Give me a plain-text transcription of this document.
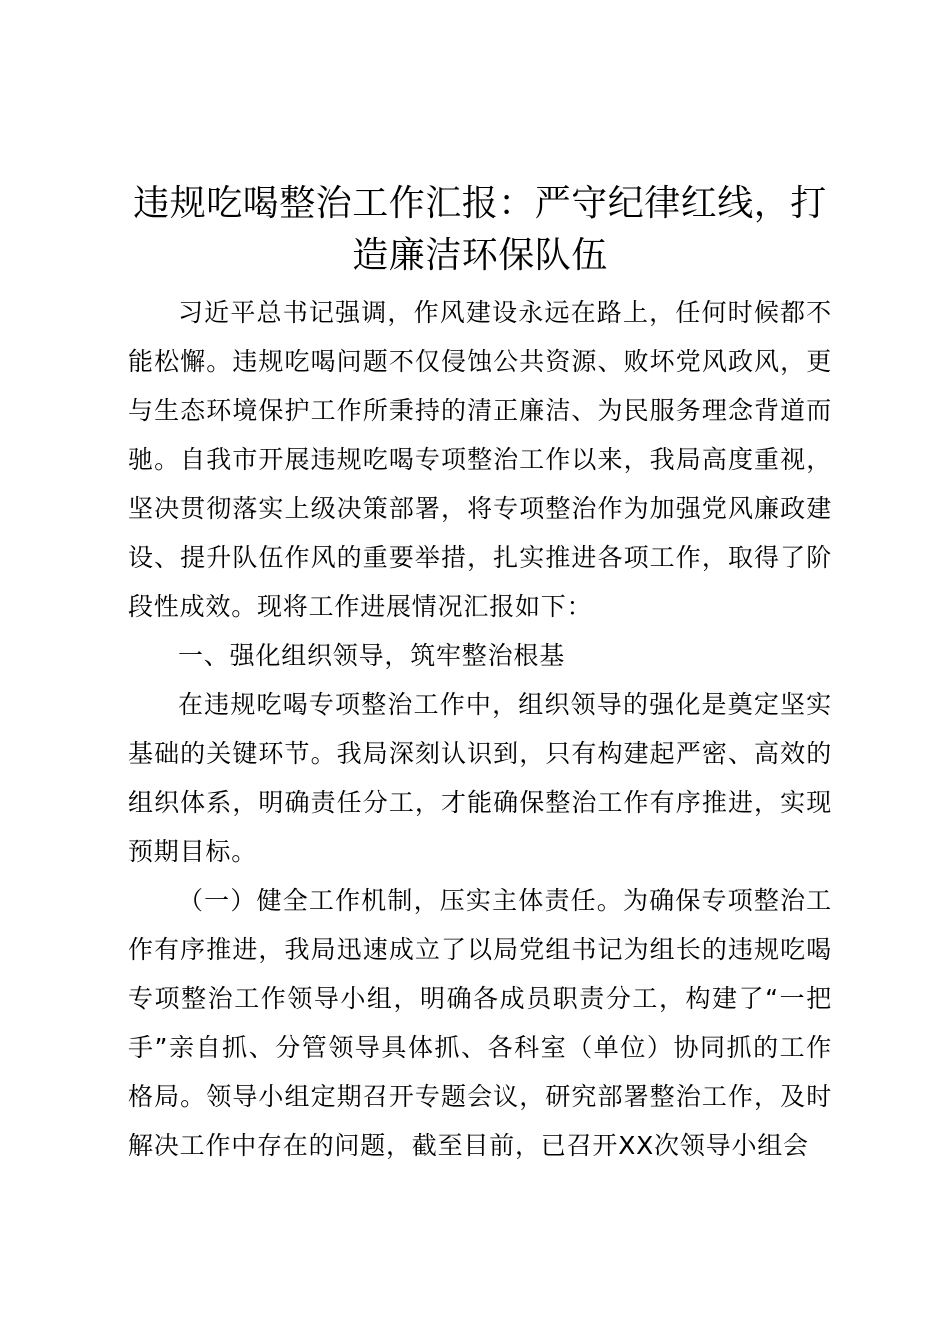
违规吃喝整治工作汇报：严守纪律红线，打造廉洁环保队伍

习近平总书记强调，作风建设永远在路上，任何时候都不能松懈。违规吃喝问题不仅侵蚀公共资源、败坏党风政风，更与生态环境保护工作所秉持的清正廉洁、为民服务理念背道而驰。自我市开展违规吃喝专项整治工作以来，我局高度重视，坚决贯彻落实上级决策部署，将专项整治作为加强党风廉政建设、提升队伍作风的重要举措，扎实推进各项工作，取得了阶段性成效。现将工作进展情况汇报如下：

一、强化组织领导，筑牢整治根基

在违规吃喝专项整治工作中，组织领导的强化是奠定坚实基础的关键环节。我局深刻认识到，只有构建起严密、高效的组织体系，明确责任分工，才能确保整治工作有序推进，实现预期目标。

（一）健全工作机制，压实主体责任。为确保专项整治工作有序推进，我局迅速成立了以局党组书记为组长的违规吃喝专项整治工作领导小组，明确各成员职责分工，构建了“一把手”亲自抓、分管领导具体抓、各科室（单位）协同抓的工作格局。领导小组定期召开专题会议，研究部署整治工作，及时解决工作中存在的问题，截至目前，已召开XX次领导小组会
